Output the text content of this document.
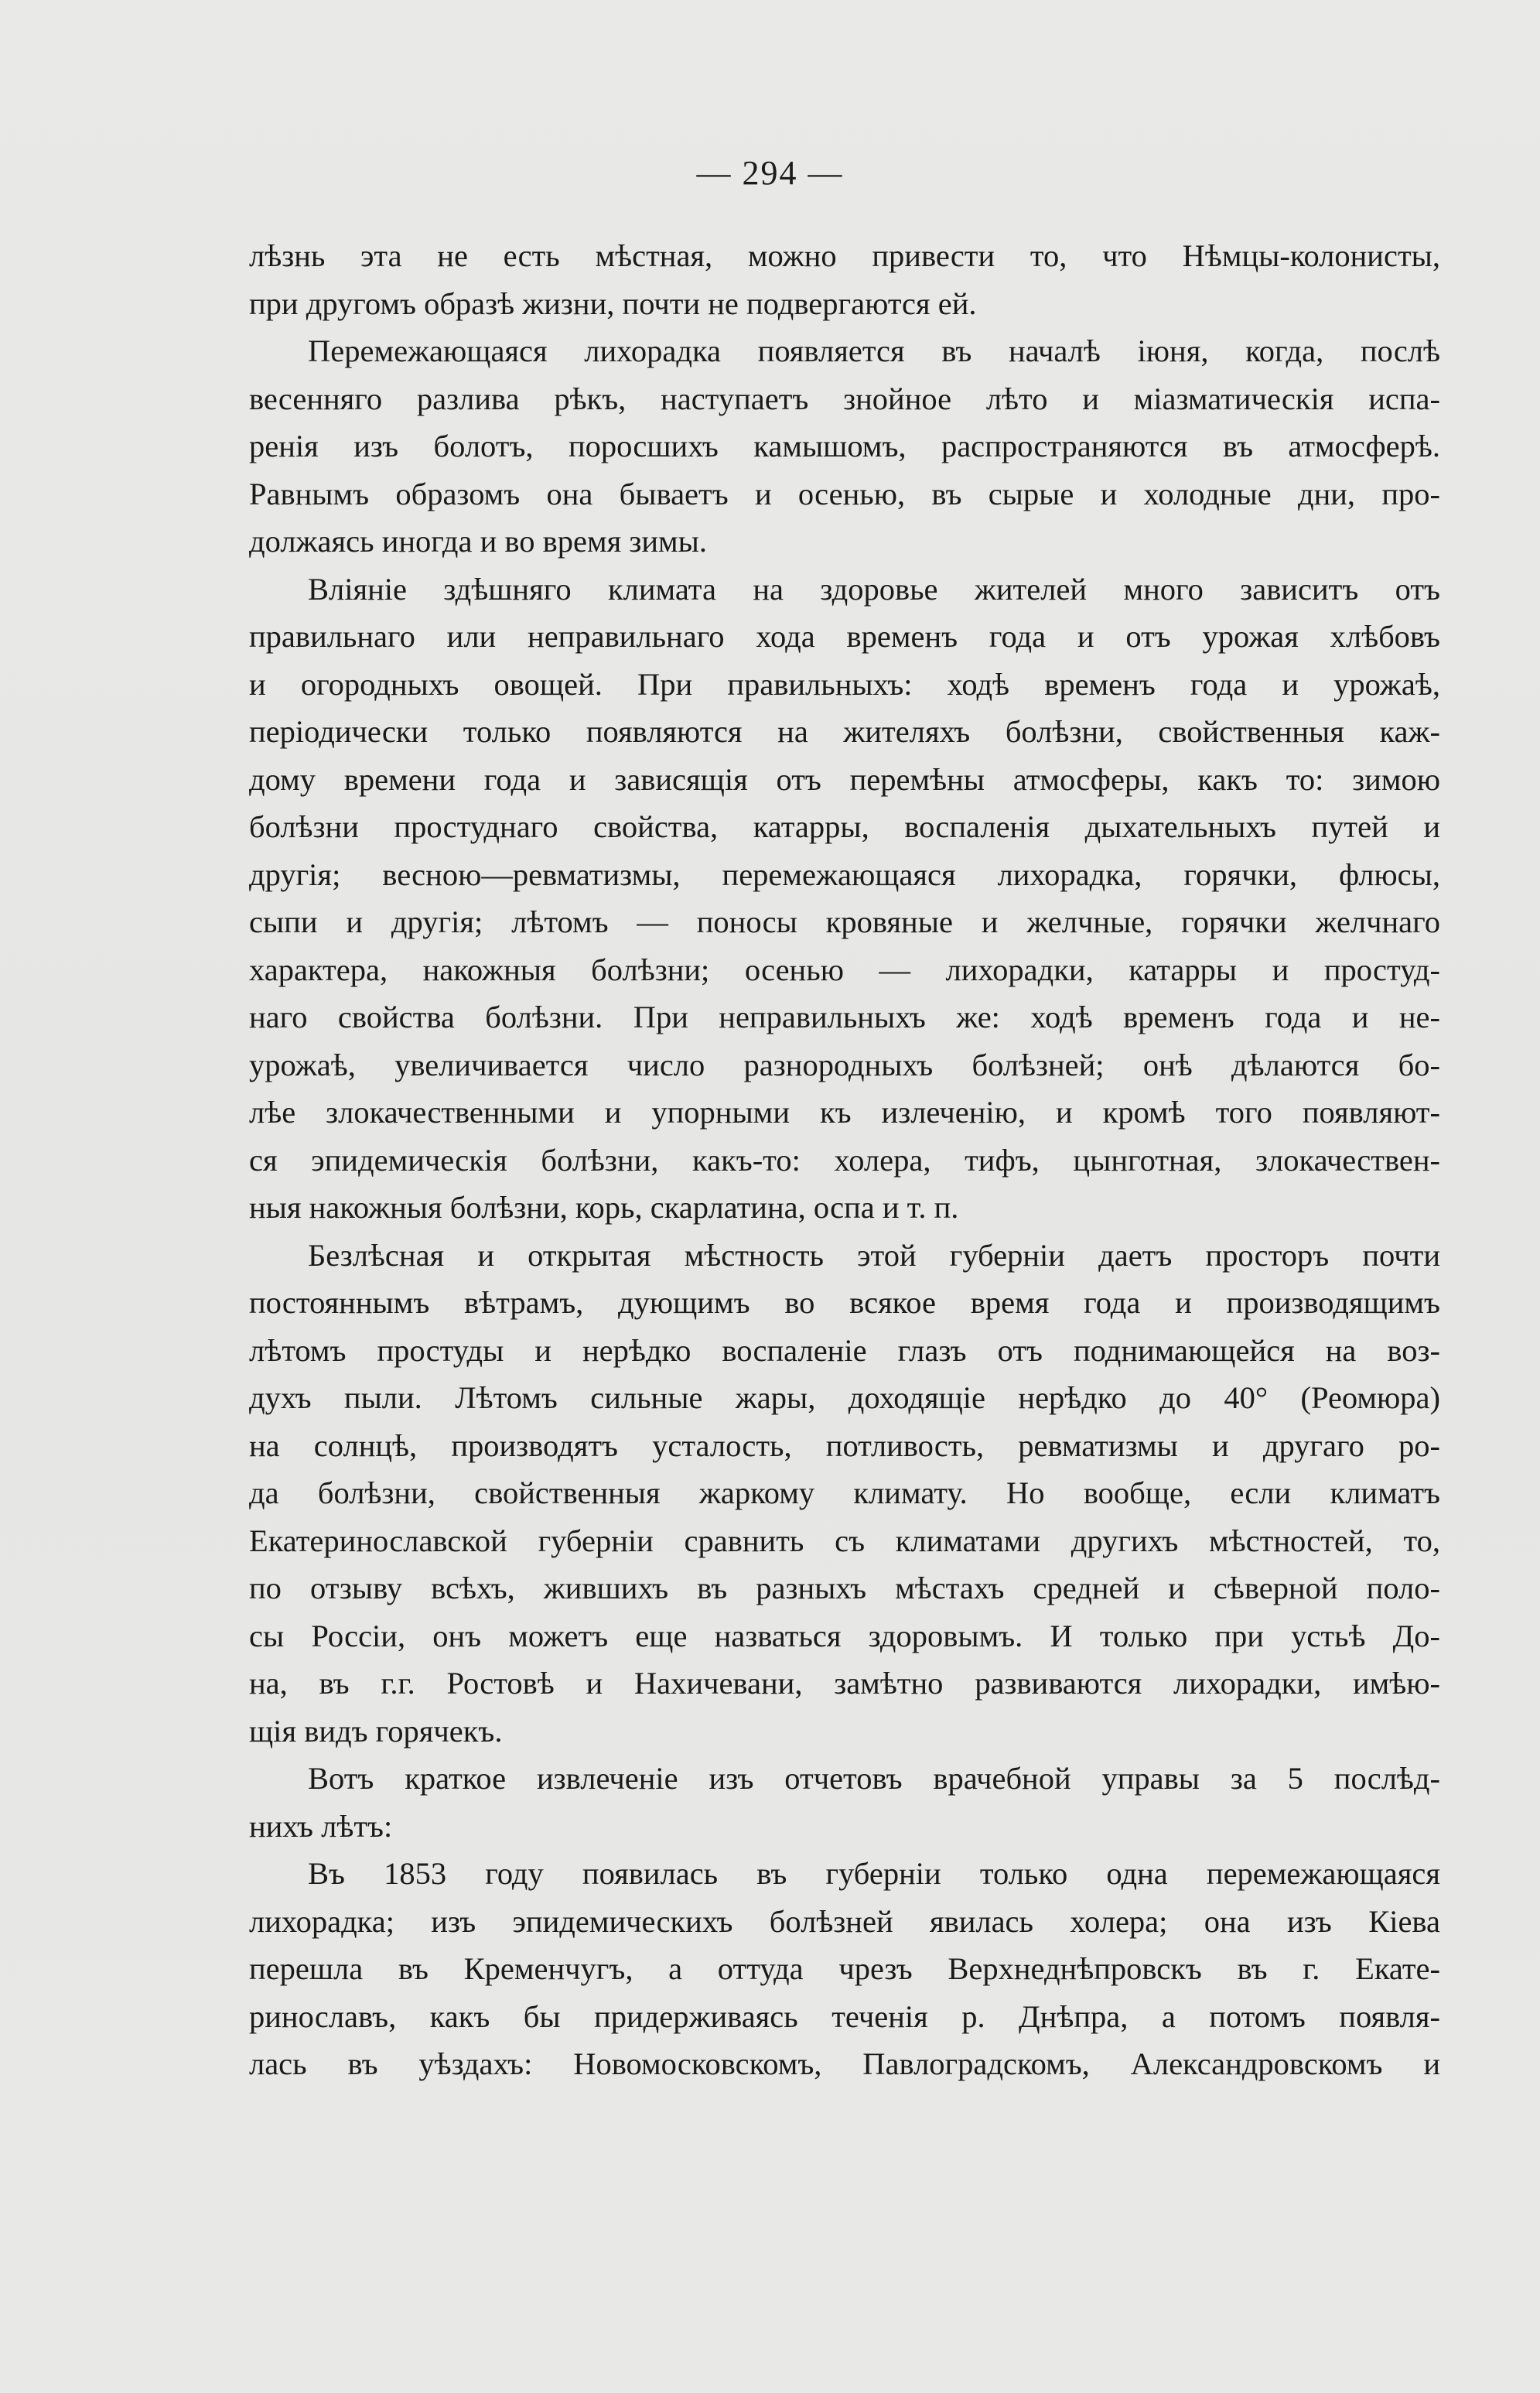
— 294 —
лѣзнь эта не есть мѣстная, можно привести то, что Нѣмцы-колонисты,
при другомъ образѣ жизни, почти не подвергаются ей.
Перемежающаяся лихорадка появляется въ началѣ іюня, когда, послѣ
весенняго разлива рѣкъ, наступаетъ знойное лѣто и міазматическія испа-
ренія изъ болотъ, поросшихъ камышомъ, распространяются въ атмосферѣ.
Равнымъ образомъ она бываетъ и осенью, въ сырые и холодные дни, про-
должаясь иногда и во время зимы.
Вліяніе здѣшняго климата на здоровье жителей много зависитъ отъ
правильнаго или неправильнаго хода временъ года и отъ урожая хлѣбовъ
и огородныхъ овощей. При правильныхъ: ходѣ временъ года и урожаѣ,
періодически только появляются на жителяхъ болѣзни, свойственныя каж-
дому времени года и зависящія отъ перемѣны атмосферы, какъ то: зимою
болѣзни простуднаго свойства, катарры, воспаленія дыхательныхъ путей и
другія; весною—ревматизмы, перемежающаяся лихорадка, горячки, флюсы,
сыпи и другія; лѣтомъ — поносы кровяные и желчные, горячки желчнаго
характера, накожныя болѣзни; осенью — лихорадки, катарры и простуд-
наго свойства болѣзни. При неправильныхъ же: ходѣ временъ года и не-
урожаѣ, увеличивается число разнородныхъ болѣзней; онѣ дѣлаются бо-
лѣе злокачественными и упорными къ излеченію, и кромѣ того появляют-
ся эпидемическія болѣзни, какъ-то: холера, тифъ, цынготная, злокачествен-
ныя накожныя болѣзни, корь, скарлатина, оспа и т. п.
Безлѣсная и открытая мѣстность этой губерніи даетъ просторъ почти
постояннымъ вѣтрамъ, дующимъ во всякое время года и производящимъ
лѣтомъ простуды и нерѣдко воспаленіе глазъ отъ поднимающейся на воз-
духъ пыли. Лѣтомъ сильные жары, доходящіе нерѣдко до 40° (Реомюра)
на солнцѣ, производятъ усталость, потливость, ревматизмы и другаго ро-
да болѣзни, свойственныя жаркому климату. Но вообще, если климатъ
Екатеринославской губерніи сравнить съ климатами другихъ мѣстностей, то,
по отзыву всѣхъ, жившихъ въ разныхъ мѣстахъ средней и сѣверной поло-
сы Россіи, онъ можетъ еще назваться здоровымъ. И только при устьѣ До-
на, въ г.г. Ростовѣ и Нахичевани, замѣтно развиваются лихорадки, имѣю-
щія видъ горячекъ.
Вотъ краткое извлеченіе изъ отчетовъ врачебной управы за 5 послѣд-
нихъ лѣтъ:
Въ 1853 году появилась въ губерніи только одна перемежающаяся
лихорадка; изъ эпидемическихъ болѣзней явилась холера; она изъ Кіева
перешла въ Кременчугъ, а оттуда чрезъ Верхнеднѣпровскъ въ г. Екате-
ринославъ, какъ бы придерживаясь теченія р. Днѣпра, а потомъ появля-
лась въ уѣздахъ: Новомосковскомъ, Павлоградскомъ, Александровскомъ и
